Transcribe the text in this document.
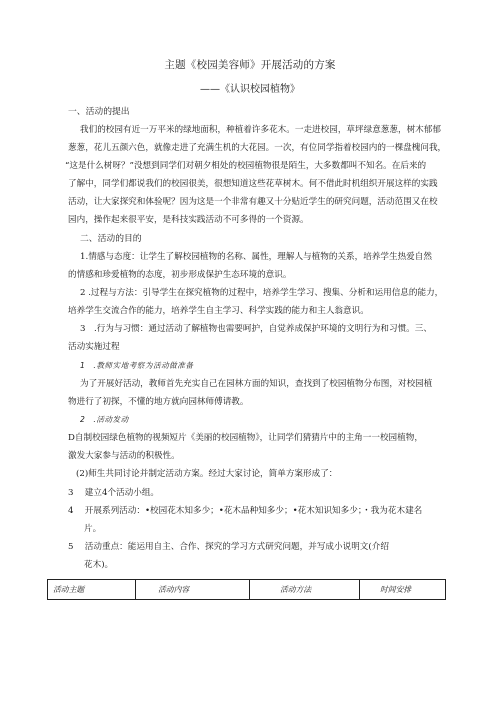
主题《校园美容师》开展活动的方案
——《认识校园植物》
一、活动的提出
我们的校园有近一万平米的绿地面积，种植着许多花木。一走进校园，草坪绿意葱葱，树木郁郁
葱葱，花儿五颜六色，就像走进了充满生机的大花园。一次，有位同学指着校园内的一棵盘槐问我，
“这是什么树呀？”没想到同学们对朝夕相处的校园植物很是陌生，大多数都叫不知名。在后来的
了解中，同学们都说我们的校园很美，很想知道这些花草树木。何不借此时机组织开展这样的实践
活动，让大家探究和体验呢？因为这是一个非常有趣又十分贴近学生的研究问题，活动范围又在校
园内，操作起来很平安，是科技实践活动不可多得的一个资源。
二、活动的目的
1.情感与态度：让学生了解校园植物的名称、属性，理解人与植物的关系，培养学生热爱自然
的情感和珍爱植物的态度，初步形成保护生态环境的意识。
2 .过程与方法：引导学生在探究植物的过程中，培养学生学习、搜集、分析和运用信息的能力，
培养学生交流合作的能力，培养学生自主学习、科学实践的能力和主人翁意识。
3　.行为与习惯：通过活动了解植物也需要呵护，自觉养成保护环境的文明行为和习惯。三、
活动实施过程
1　.教师实地考察为活动做准备
为了开展好活动，教师首先充实自己在园林方面的知识，查找到了校园植物分布图，对校园植
物进行了初探，不懂的地方就向园林师傅请教。
2　.活动发动
D自制校园绿色植物的视频短片《美丽的校园植物》，让同学们猜猜片中的主角一一校园植物，
激发大家参与活动的积极性。
(2)师生共同讨论并制定活动方案。经过大家讨论，简单方案形成了：
3　 建立4个活动小组。
4　 开展系列活动：•校园花木知多少；•花木品种知多少；•花木知识知多少；・我为花木建名
片。
5　 活动重点：能运用自主、合作、探究的学习方式研究问题，并写成小说明文(介绍
花木)。
活动主题	活动内容	活动方法	时间安排
